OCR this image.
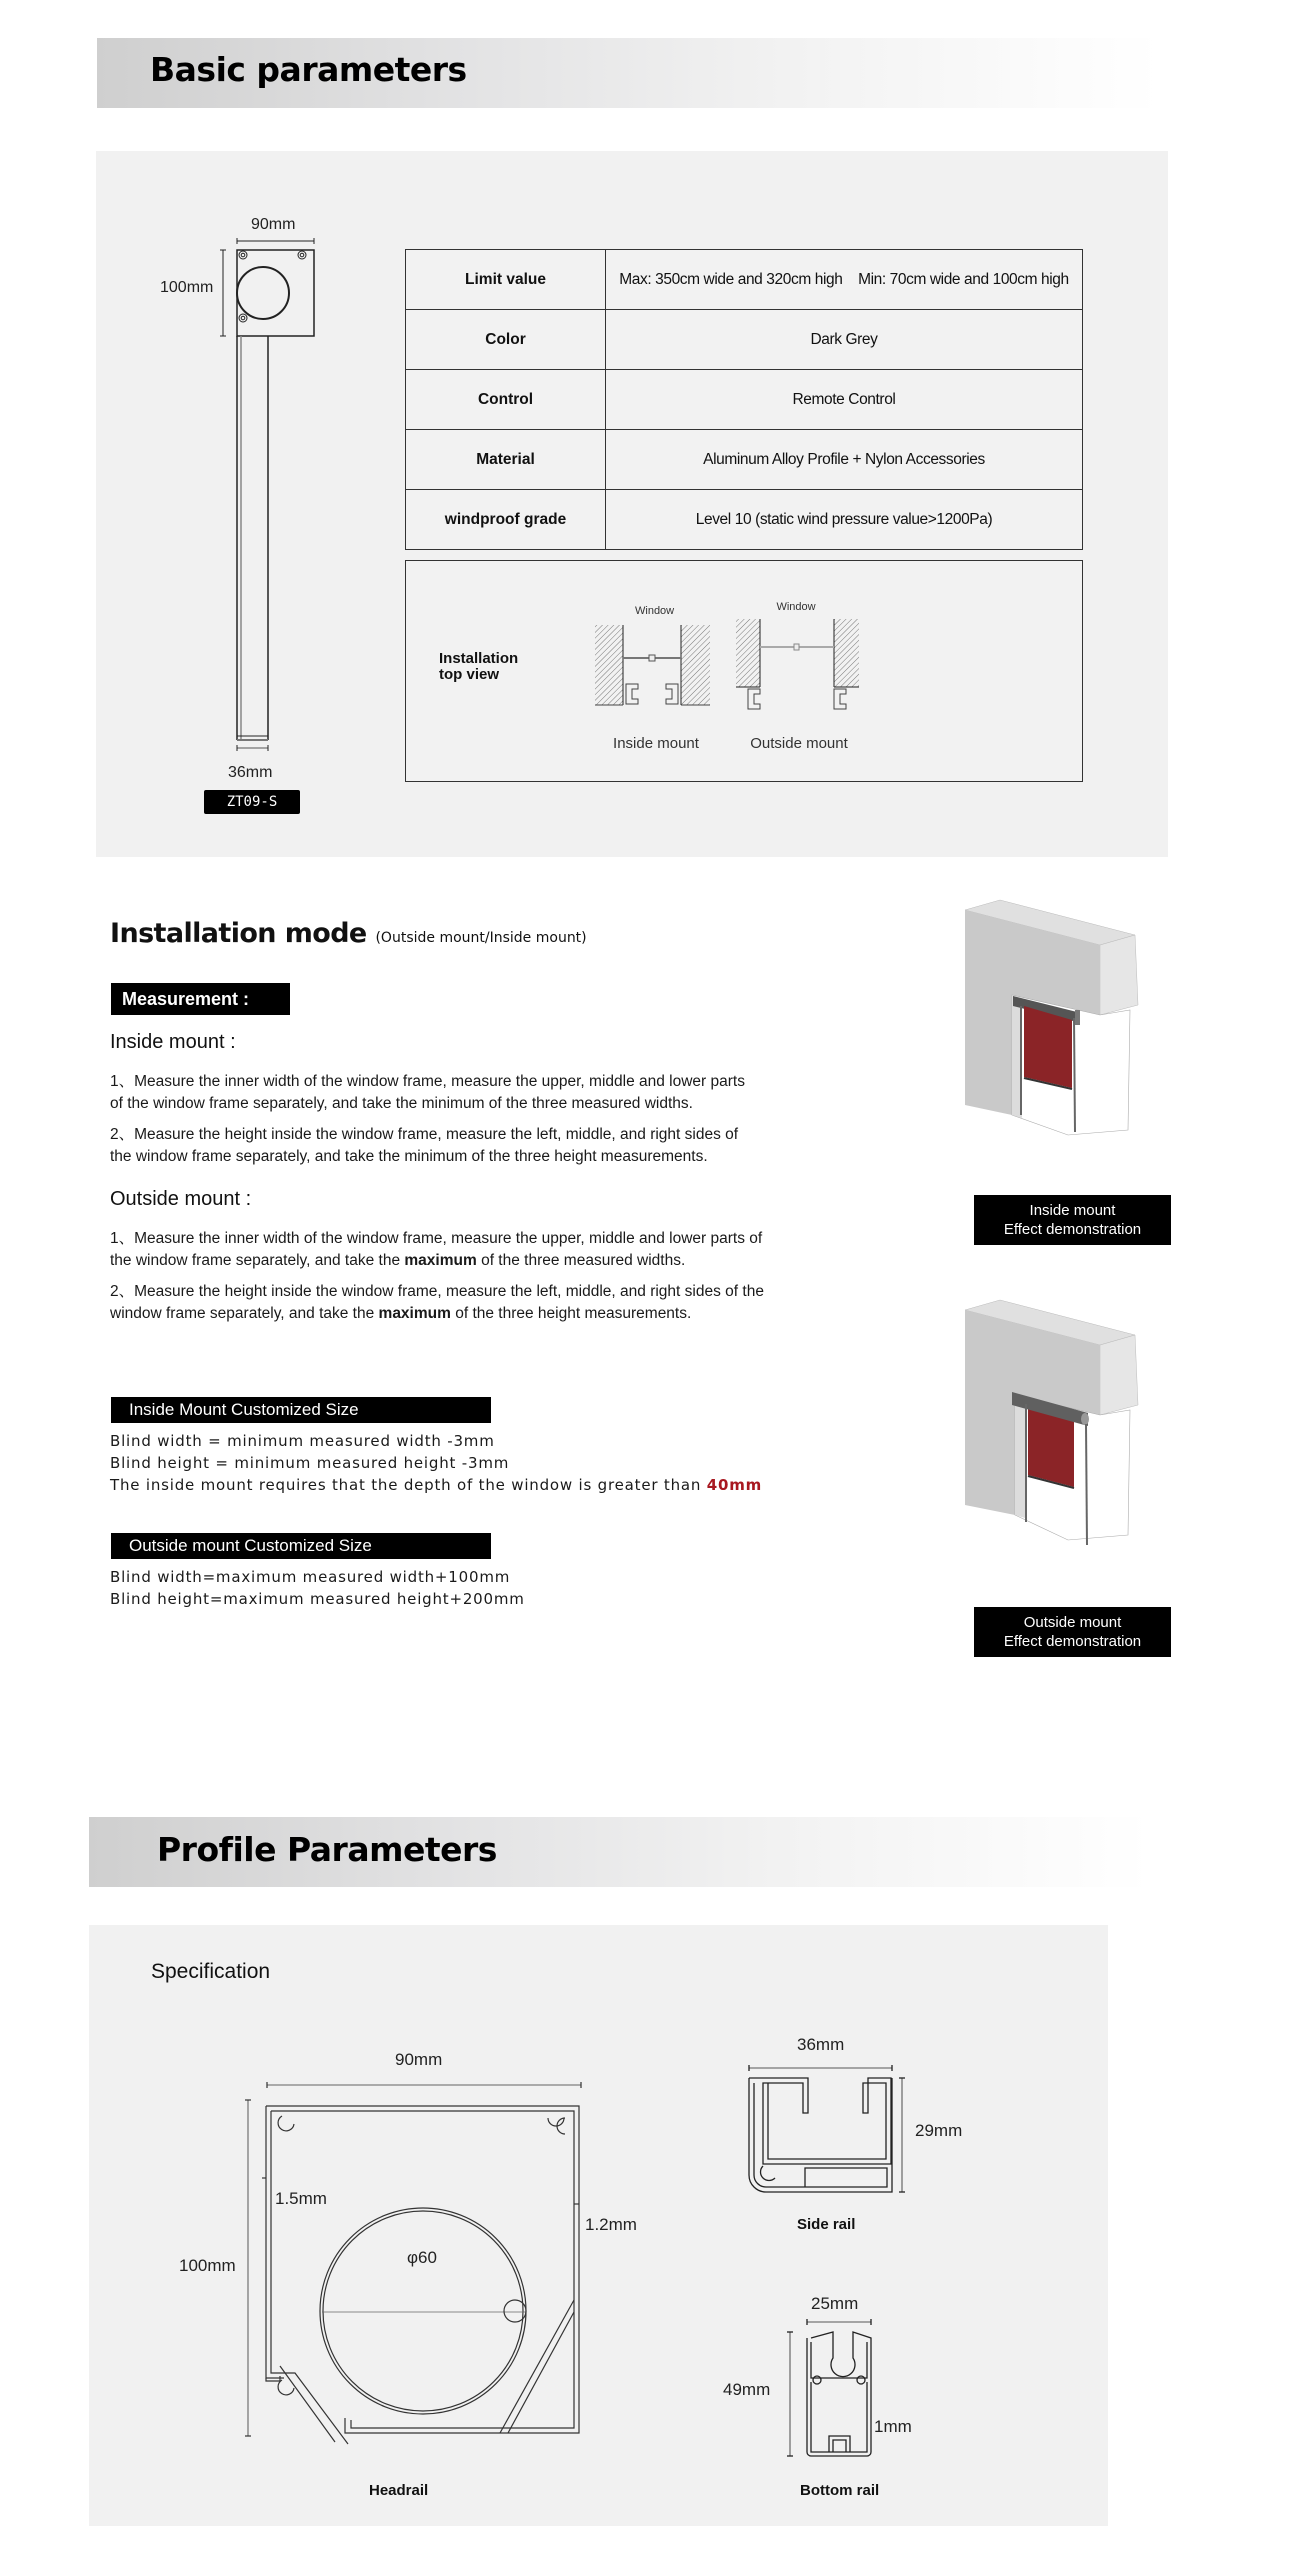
Basic parameters
90mm
100mm
36mm
ZT09-S
Limit value	Max: 350cm wide and 320cm high    Min: 70cm wide and 100cm high
Color	Dark Grey
Control	Remote Control
Material	Aluminum Alloy Profile + Nylon Accessories
windproof grade	Level 10 (static wind pressure value>1200Pa)
Installation
top view
Window	Window
Inside mount	Outside mount
Installation mode (Outside mount/Inside mount)
Measurement :
Inside mount :
1、Measure the inner width of the window frame, measure the upper, middle and lower parts
of the window frame separately, and take the minimum of the three measured widths.
2、Measure the height inside the window frame, measure the left, middle, and right sides of
the window frame separately, and take the minimum of the three height measurements.
Outside mount :
1、Measure the inner width of the window frame, measure the upper, middle and lower parts of
the window frame separately, and take the maximum of the three measured widths.
2、Measure the height inside the window frame, measure the left, middle, and right sides of the
window frame separately, and take the maximum of the three height measurements.
Inside Mount Customized Size
Blind width = minimum measured width -3mm
Blind height = minimum measured height -3mm
The inside mount requires that the depth of the window is greater than 40mm
Outside mount Customized Size
Blind width=maximum measured width+100mm
Blind height=maximum measured height+200mm
Inside mount
Effect demonstration
Outside mount
Effect demonstration
Profile Parameters
Specification
90mm
100mm
1.5mm
1.2mm
φ60
Headrail
36mm
29mm
Side rail
25mm
49mm
1mm
Bottom rail
